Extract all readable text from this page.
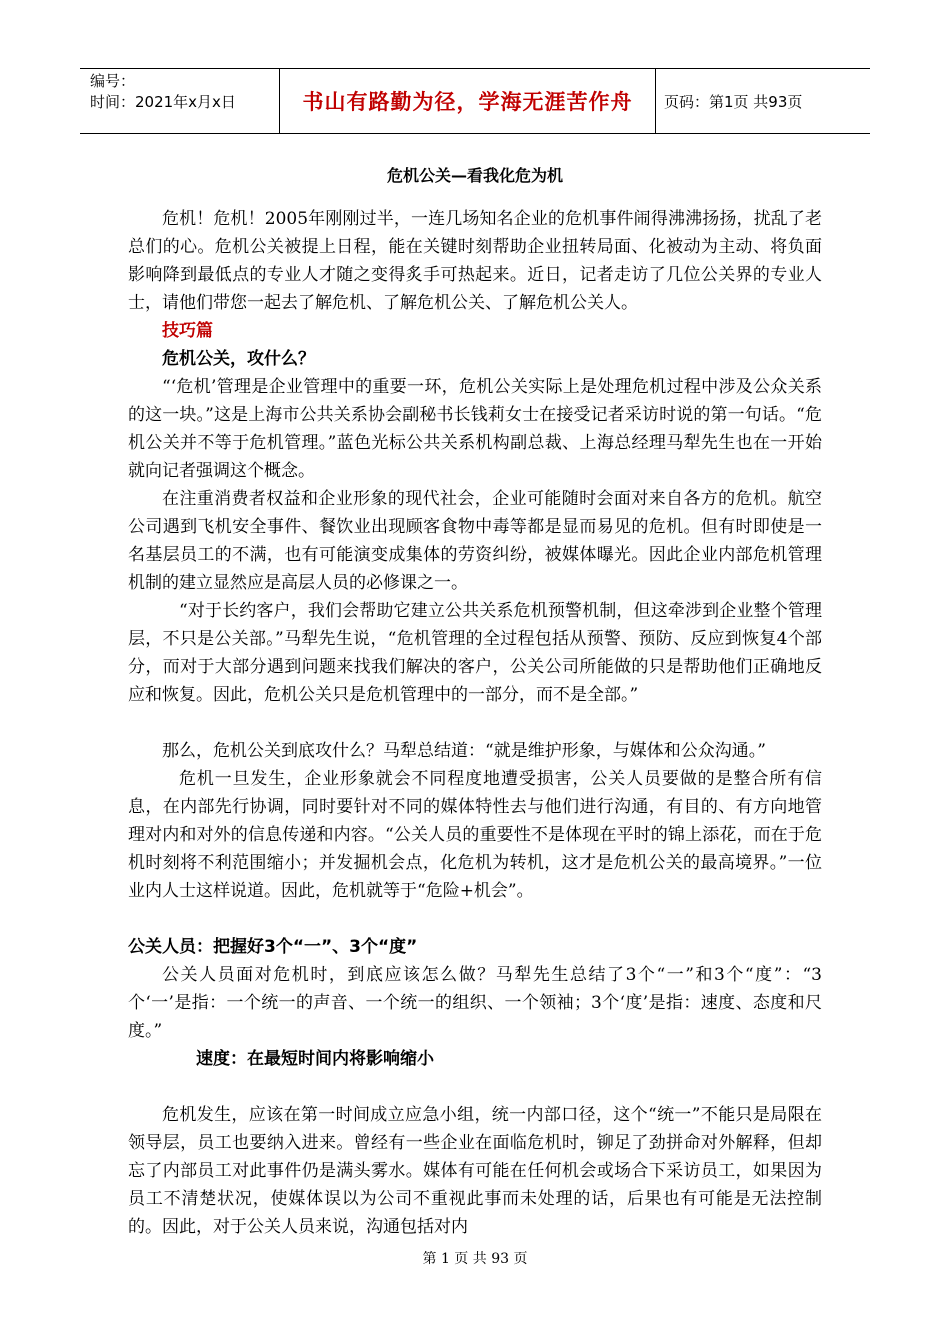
编号：
时间：2021年x月x日	书山有路勤为径，学海无涯苦作舟	页码：第1页 共93页
危机公关—看我化危为机

危机！危机！2005年刚刚过半，一连几场知名企业的危机事件闹得沸沸扬扬，扰乱了老总们的心。危机公关被提上日程，能在关键时刻帮助企业扭转局面、化被动为主动、将负面影响降到最低点的专业人才随之变得炙手可热起来。近日，记者走访了几位公关界的专业人士，请他们带您一起去了解危机、了解危机公关、了解危机公关人。

技巧篇
危机公关，攻什么？

“‘危机’管理是企业管理中的重要一环，危机公关实际上是处理危机过程中涉及公众关系的这一块。”这是上海市公共关系协会副秘书长钱莉女士在接受记者采访时说的第一句话。“危机公关并不等于危机管理。”蓝色光标公共关系机构副总裁、上海总经理马犁先生也在一开始就向记者强调这个概念。

在注重消费者权益和企业形象的现代社会，企业可能随时会面对来自各方的危机。航空公司遇到飞机安全事件、餐饮业出现顾客食物中毒等都是显而易见的危机。但有时即使是一名基层员工的不满，也有可能演变成集体的劳资纠纷，被媒体曝光。因此企业内部危机管理机制的建立显然应是高层人员的必修课之一。

“对于长约客户，我们会帮助它建立公共关系危机预警机制，但这牵涉到企业整个管理层，不只是公关部。”马犁先生说，“危机管理的全过程包括从预警、预防、反应到恢复4个部分，而对于大部分遇到问题来找我们解决的客户，公关公司所能做的只是帮助他们正确地反应和恢复。因此，危机公关只是危机管理中的一部分，而不是全部。”

那么，危机公关到底攻什么？马犁总结道：“就是维护形象，与媒体和公众沟通。”

危机一旦发生，企业形象就会不同程度地遭受损害，公关人员要做的是整合所有信息，在内部先行协调，同时要针对不同的媒体特性去与他们进行沟通，有目的、有方向地管理对内和对外的信息传递和内容。“公关人员的重要性不是体现在平时的锦上添花，而在于危机时刻将不利范围缩小；并发掘机会点，化危机为转机，这才是危机公关的最高境界。”一位业内人士这样说道。因此，危机就等于“危险+机会”。

公关人员：把握好3个“一”、3个“度”

公关人员面对危机时，到底应该怎么做？马犁先生总结了3个“一”和3个“度”：“3个‘一’是指：一个统一的声音、一个统一的组织、一个领袖；3个‘度’是指：速度、态度和尺度。”

速度：在最短时间内将影响缩小

危机发生，应该在第一时间成立应急小组，统一内部口径，这个“统一”不能只是局限在领导层，员工也要纳入进来。曾经有一些企业在面临危机时，铆足了劲拼命对外解释，但却忘了内部员工对此事件仍是满头雾水。媒体有可能在任何机会或场合下采访员工，如果因为员工不清楚状况，使媒体误以为公司不重视此事而未处理的话，后果也有可能是无法控制的。因此，对于公关人员来说，沟通包括对内

第 1 页 共 93 页
